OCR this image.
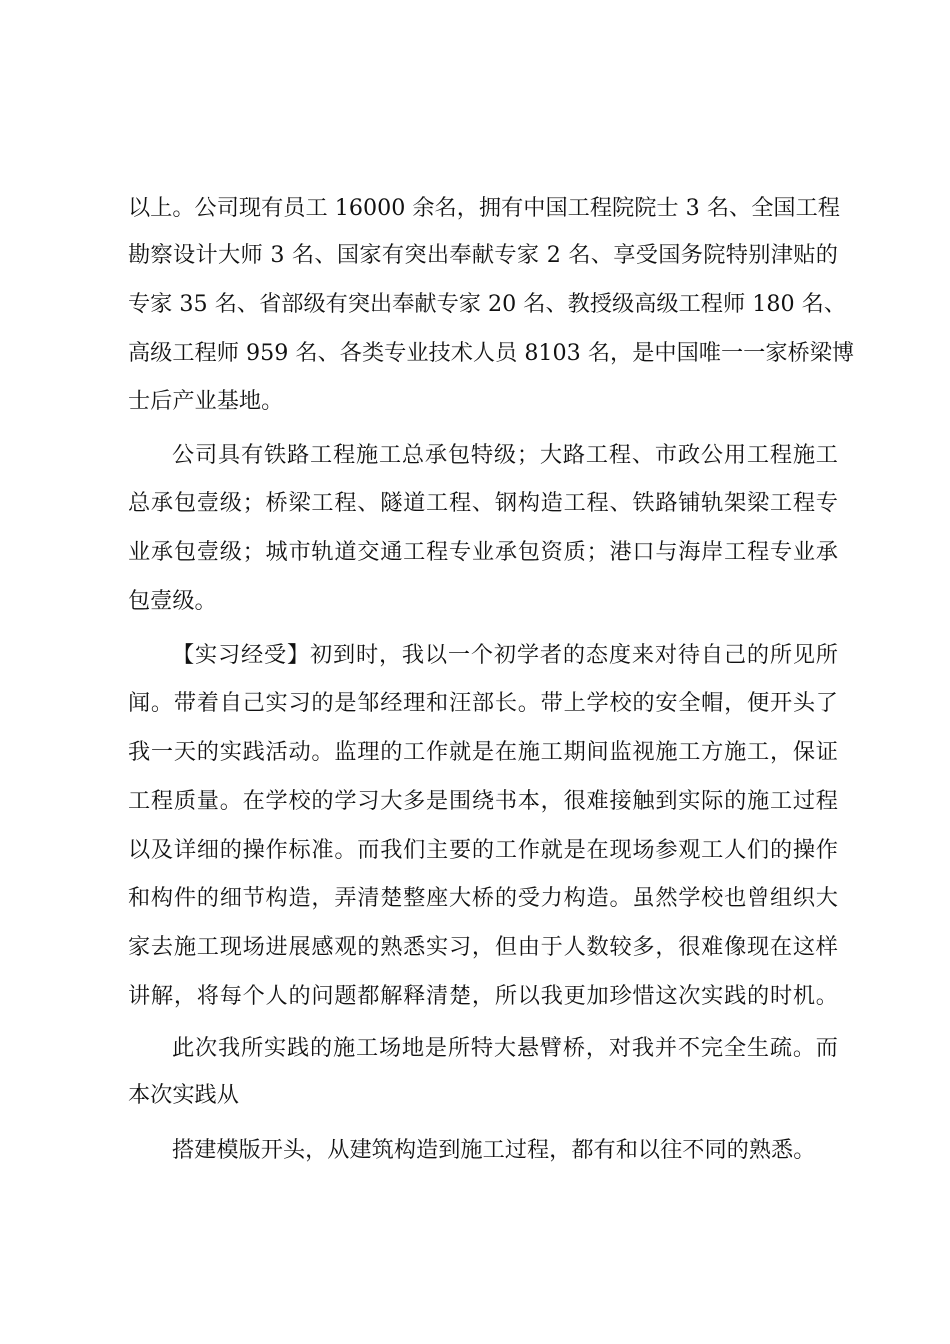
以上。公司现有员工 16000 余名，拥有中国工程院院士 3 名、全国工程
勘察设计大师 3 名、国家有突出奉献专家 2 名、享受国务院特别津贴的
专家 35 名、省部级有突出奉献专家 20 名、教授级高级工程师 180 名、
高级工程师 959 名、各类专业技术人员 8103 名，是中国唯一一家桥梁博
士后产业基地。
公司具有铁路工程施工总承包特级；大路工程、市政公用工程施工
总承包壹级；桥梁工程、隧道工程、钢构造工程、铁路铺轨架梁工程专
业承包壹级；城市轨道交通工程专业承包资质；港口与海岸工程专业承
包壹级。
【实习经受】初到时，我以一个初学者的态度来对待自己的所见所
闻。带着自己实习的是邹经理和汪部长。带上学校的安全帽，便开头了
我一天的实践活动。监理的工作就是在施工期间监视施工方施工，保证
工程质量。在学校的学习大多是围绕书本，很难接触到实际的施工过程
以及详细的操作标准。而我们主要的工作就是在现场参观工人们的操作
和构件的细节构造，弄清楚整座大桥的受力构造。虽然学校也曾组织大
家去施工现场进展感观的熟悉实习，但由于人数较多，很难像现在这样
讲解，将每个人的问题都解释清楚，所以我更加珍惜这次实践的时机。
此次我所实践的施工场地是所特大悬臂桥，对我并不完全生疏。而
本次实践从
搭建模版开头，从建筑构造到施工过程，都有和以往不同的熟悉。
